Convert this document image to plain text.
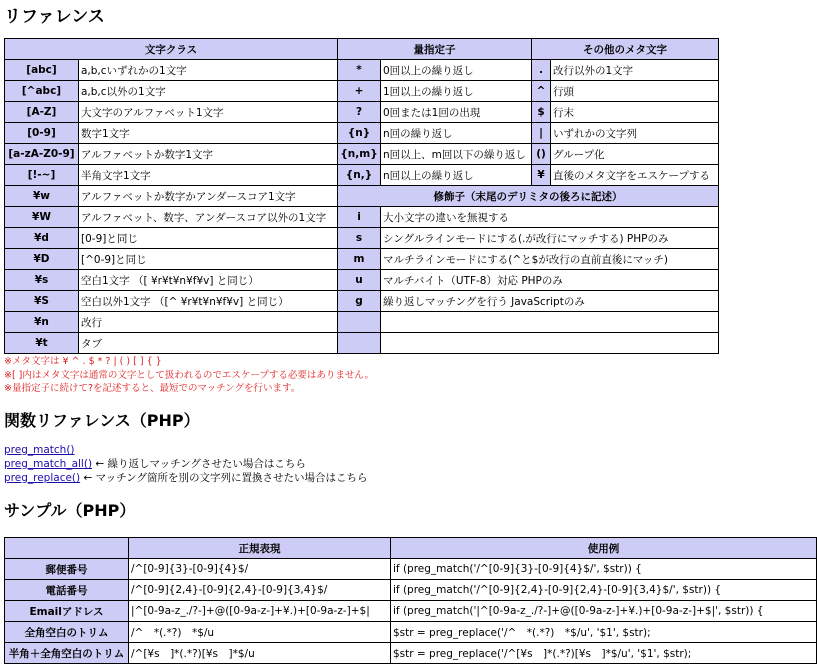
リファレンス
文字クラス		量指定子		その他のメタ文字	
[abc]	a,b,cいずれかの1文字	*	0回以上の繰り返し	.	改行以外の1文字
[^abc]	a,b,c以外の1文字	+	1回以上の繰り返し	^	行頭
[A-Z]	大文字のアルファベット1文字	?	0回または1回の出現	$	行末
[0-9]	数字1文字	{n}	n回の繰り返し	|	いずれかの文字列
[a-zA-Z0-9]	アルファベットか数字1文字	{n,m}	n回以上、m回以下の繰り返し	()	グループ化
[!-~]	半角文字1文字	{n,}	n回以上の繰り返し	¥	直後のメタ文字をエスケープする
¥w	アルファベットか数字かアンダースコア1文字	修飾子（末尾のデリミタの後ろに記述）			
¥W	アルファベット、数字、アンダースコア以外の1文字	i	大小文字の違いを無視する		
¥d	[0-9]と同じ	s	シングルラインモードにする(.が改行にマッチする) PHPのみ		
¥D	[^0-9]と同じ	m	マルチラインモードにする(^と$が改行の直前直後にマッチ)		
¥s	空白1文字 （[ ¥r¥t¥n¥f¥v] と同じ）	u	マルチバイト（UTF-8）対応 PHPのみ		
¥S	空白以外1文字 （[^ ¥r¥t¥n¥f¥v] と同じ）	g	繰り返しマッチングを行う JavaScriptのみ		
¥n	改行				
¥t	タブ				
※メタ文字は ¥ ^ . $ * ? | ( ) [ ] { }
※[ ]内はメタ文字は通常の文字として扱われるのでエスケープする必要はありません。
※量指定子に続けて?を記述すると、最短でのマッチングを行います。
関数リファレンス（PHP）
preg_match()
preg_match_all() ← 繰り返しマッチングさせたい場合はこちら
preg_replace() ← マッチング箇所を別の文字列に置換させたい場合はこちら
サンプル（PHP）
	正規表現	使用例
郵便番号	/^[0-9]{3}-[0-9]{4}$/	if (preg_match('/^[0-9]{3}-[0-9]{4}$/', $str)) {
電話番号	/^[0-9]{2,4}-[0-9]{2,4}-[0-9]{3,4}$/	if (preg_match('/^[0-9]{2,4}-[0-9]{2,4}-[0-9]{3,4}$/', $str)) {
Emailアドレス	|^[0-9a-z_./?-]+@([0-9a-z-]+¥.)+[0-9a-z-]+$|	if (preg_match('|^[0-9a-z_./?-]+@([0-9a-z-]+¥.)+[0-9a-z-]+$|', $str)) {
全角空白のトリム	/^　*(.*?)　*$/u	$str = preg_replace('/^　*(.*?)　*$/u', '$1', $str);
半角＋全角空白のトリム	/^[¥s　]*(.*?)[¥s　]*$/u	$str = preg_replace('/^[¥s　]*(.*?)[¥s　]*$/u', '$1', $str);
